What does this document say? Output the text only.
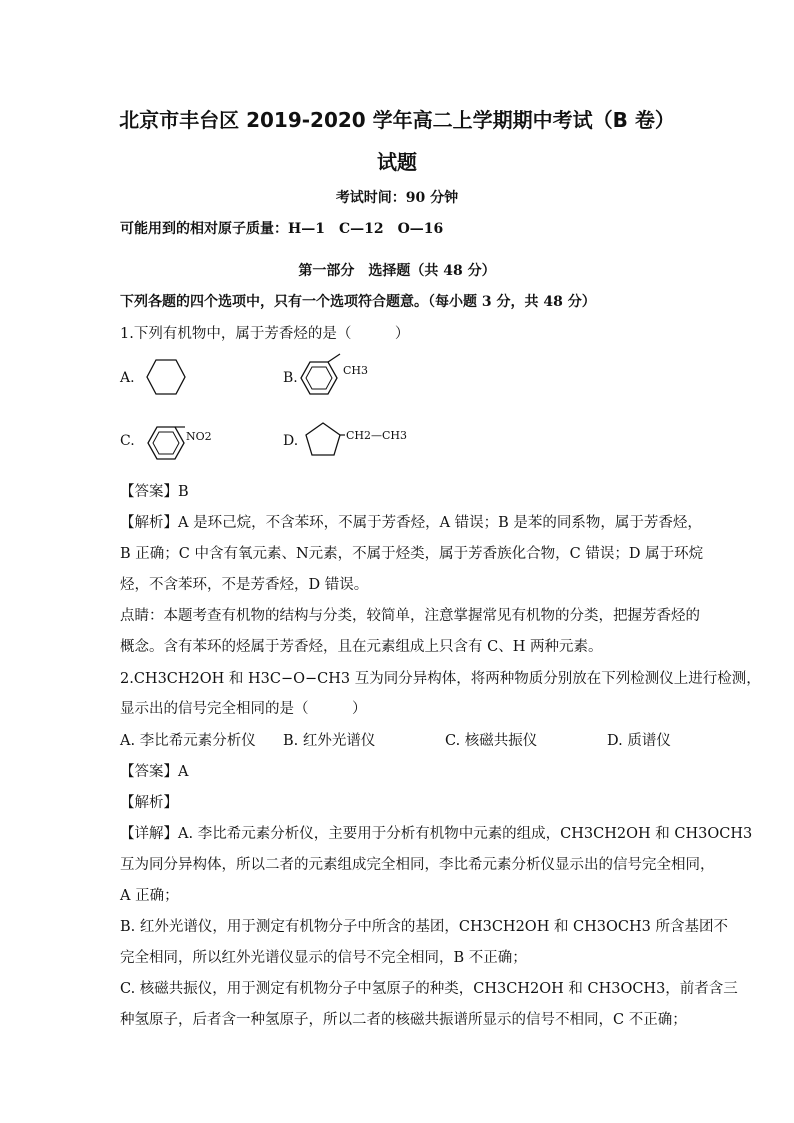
北京市丰台区 2019-2020 学年高二上学期期中考试（B 卷）
试题
考试时间：90 分钟
可能用到的相对原子质量：H—1　C—12　O—16
第一部分　选择题（共 48 分）
下列各题的四个选项中，只有一个选项符合题意。（每小题 3 分，共 48 分）
1.下列有机物中，属于芳香烃的是（　　　）
A.	B.	CH3
C.	NO2	D.	CH2—CH3
【答案】B
【解析】A 是环己烷，不含苯环，不属于芳香烃，A 错误；B 是苯的同系物，属于芳香烃，
B 正确；C 中含有氧元素、N元素，不属于烃类，属于芳香族化合物，C 错误；D 属于环烷
烃，不含苯环，不是芳香烃，D 错误。
点睛：本题考查有机物的结构与分类，较简单，注意掌握常见有机物的分类，把握芳香烃的
概念。含有苯环的烃属于芳香烃，且在元素组成上只含有 C、H 两种元素。
2.CH3CH2OH 和 H3C−O−CH3 互为同分异构体，将两种物质分别放在下列检测仪上进行检测，
显示出的信号完全相同的是（　　　）
A. 李比希元素分析仪 B. 红外光谱仪	C. 核磁共振仪	D. 质谱仪
【答案】A
【解析】
【详解】A. 李比希元素分析仪，主要用于分析有机物中元素的组成，CH3CH2OH 和 CH3OCH3
互为同分异构体，所以二者的元素组成完全相同，李比希元素分析仪显示出的信号完全相同，
A 正确；
B. 红外光谱仪，用于测定有机物分子中所含的基团，CH3CH2OH 和 CH3OCH3 所含基团不
完全相同，所以红外光谱仪显示的信号不完全相同，B 不正确；
C. 核磁共振仪，用于测定有机物分子中氢原子的种类，CH3CH2OH 和 CH3OCH3，前者含三
种氢原子，后者含一种氢原子，所以二者的核磁共振谱所显示的信号不相同，C 不正确；
